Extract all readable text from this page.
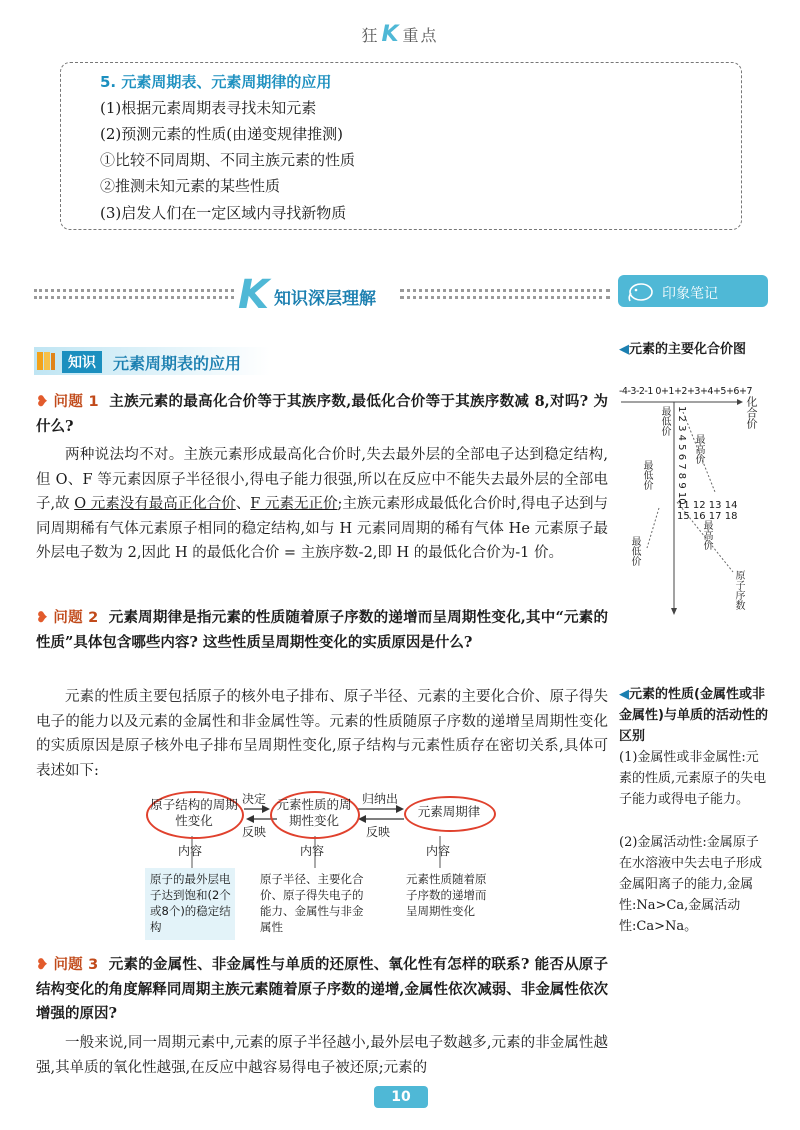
狂K 重点
5. 元素周期表、元素周期律的应用
(1)根据元素周期表寻找未知元素
(2)预测元素的性质(由递变规律推测)
①比较不同周期、不同主族元素的性质
②推测未知元素的某些性质
(3)启发人们在一定区域内寻找新物质
K 知识深层理解	印象笔记
知识	元素周期表的应用
❥ 问题 1 主族元素的最高化合价等于其族序数,最低化合价等于其族序数减 8,对吗? 为什么?
两种说法均不对。主族元素形成最高化合价时,失去最外层的全部电子达到稳定结构,但 O、F 等元素因原子半径很小,得电子能力很强,所以在反应中不能失去最外层的全部电子,故 O 元素没有最高正化合价、F 元素无正价;主族元素形成最低化合价时,得电子达到与同周期稀有气体元素原子相同的稳定结构,如与 H 元素同周期的稀有气体 He 元素原子最外层电子数为 2,因此 H 的最低化合价 = 主族序数-2,即 H 的最低化合价为-1 价。
❥ 问题 2 元素周期律是指元素的性质随着原子序数的递增而呈周期性变化,其中“元素的性质”具体包含哪些内容? 这些性质呈周期性变化的实质原因是什么?
元素的性质主要包括原子的核外电子排布、原子半径、元素的主要化合价、原子得失电子的能力以及元素的金属性和非金属性等。元素的性质随原子序数的递增呈周期性变化的实质原因是原子核外电子排布呈周期性变化,原子结构与元素性质存在密切关系,具体可表述如下:
原子结构的周期性变化
元素性质的周期性变化
元素周期律
决定
反映
归纳出
反映
内容	内容	内容
原子的最外层电子达到饱和(2个或8个)的稳定结构
原子半径、主要化合价、原子得失电子的能力、金属性与非金属性
元素性质随着原子序数的递增而呈周期性变化
❥ 问题 3 元素的金属性、非金属性与单质的还原性、氧化性有怎样的联系? 能否从原子结构变化的角度解释同周期主族元素随着原子序数的递增,金属性依次减弱、非金属性依次增强的原因?
一般来说,同一周期元素中,元素的原子半径越小,最外层电子数越多,元素的非金属性越强,其单质的氧化性越强,在反应中越容易得电子被还原;元素的
◀元素的主要化合价图
-4-3-2-1 0+1+2+3+4+5+6+7
化合价
最低价
最高价
最低价
最高价
最低价
1 2 3 4 5 6 7 8 9 10
11 12 13 14 15 16 17 18
原子序数
◀元素的性质(金属性或非金属性)与单质的活动性的区别
(1)金属性或非金属性:元素的性质,元素原子的失电子能力或得电子能力。
(2)金属活动性:金属原子在水溶液中失去电子形成金属阳离子的能力,金属性:Na>Ca,金属活动性:Ca>Na。
10
